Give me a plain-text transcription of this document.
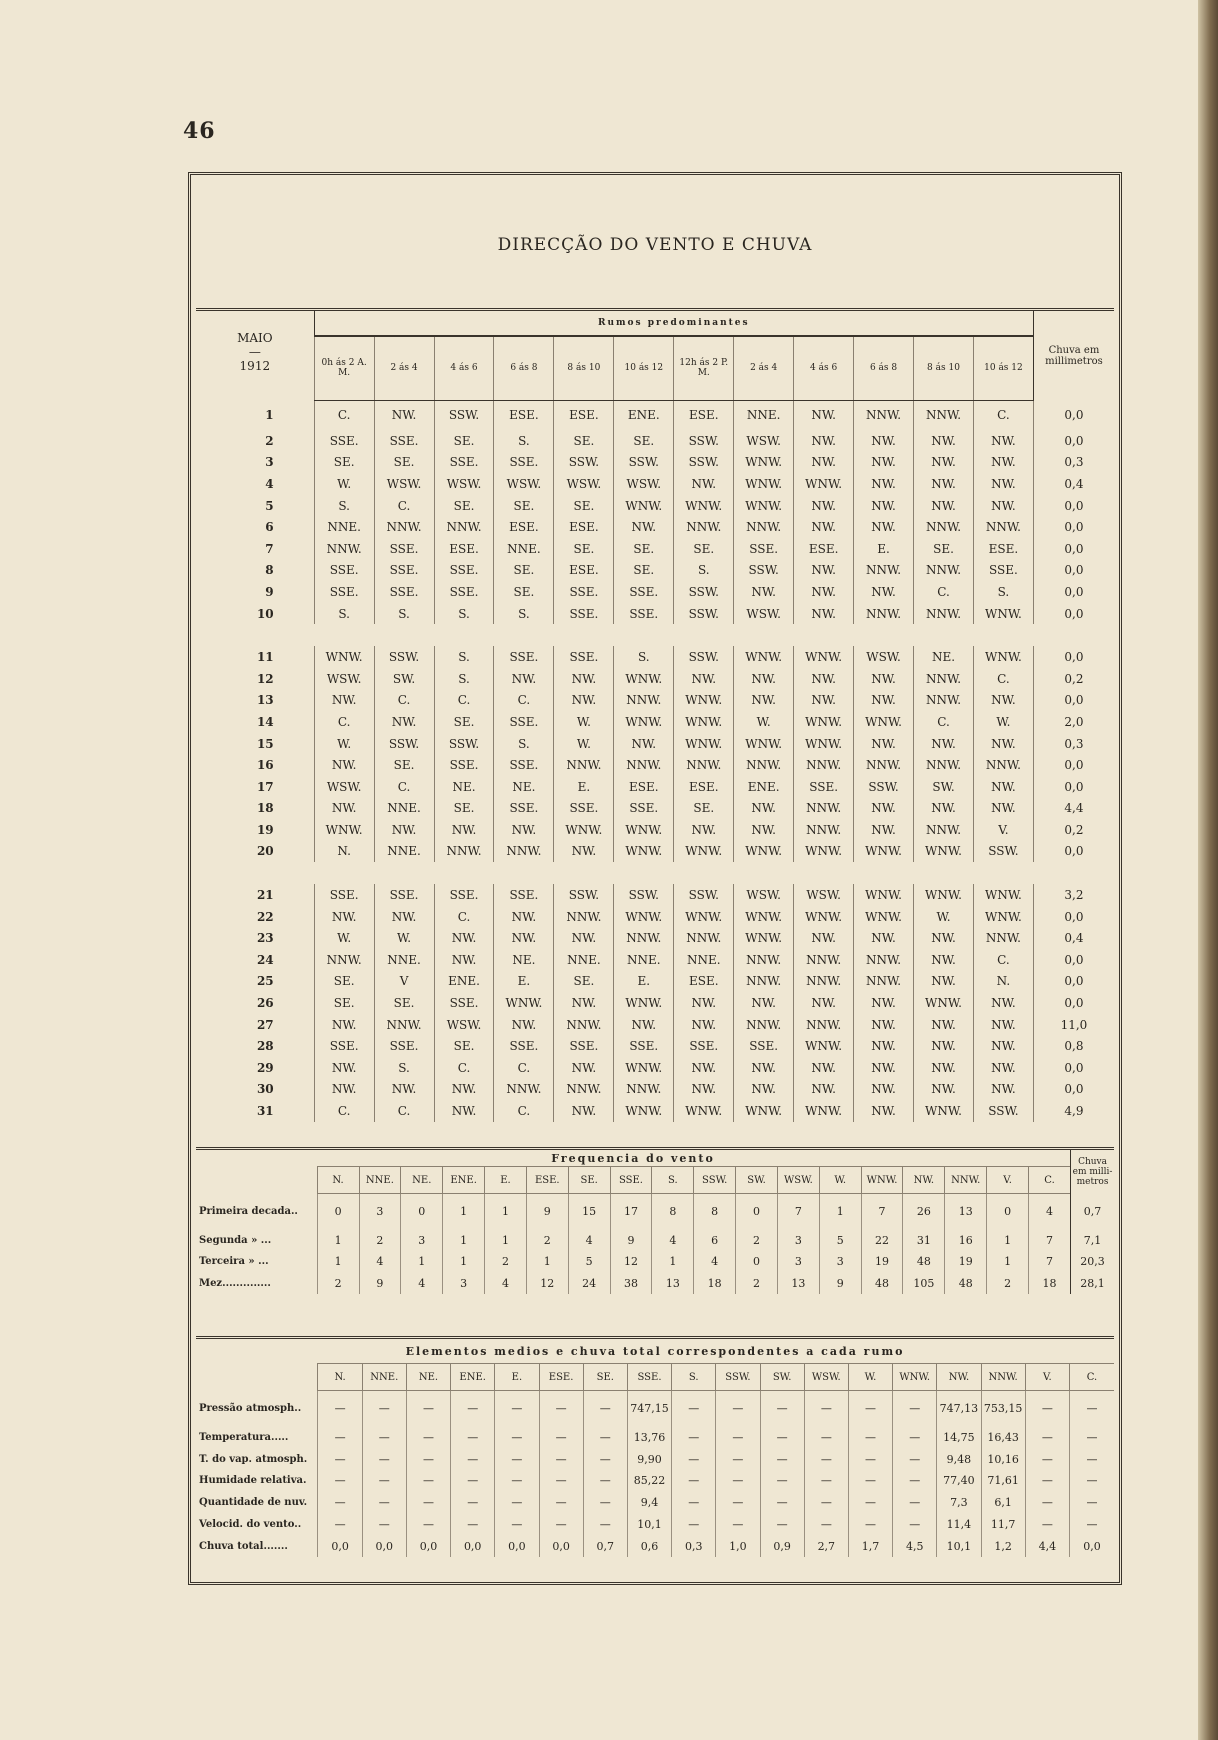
46
DIRECÇÃO DO VENTO E CHUVA
MAIO
—
1912	Rumos predominantes												Chuva em millimetros
	0h ás 2 A. M.	2 ás 4	4 ás 6	6 ás 8	8 ás 10	10 ás 12	12h ás 2 P. M.	2 ás 4	4 ás 6	6 ás 8	8 ás 10	10 ás 12	
1	C.	NW.	SSW.	ESE.	ESE.	ENE.	ESE.	NNE.	NW.	NNW.	NNW.	C.	0,0
2	SSE.	SSE.	SE.	S.	SE.	SE.	SSW.	WSW.	NW.	NW.	NW.	NW.	0,0
3	SE.	SE.	SSE.	SSE.	SSW.	SSW.	SSW.	WNW.	NW.	NW.	NW.	NW.	0,3
4	W.	WSW.	WSW.	WSW.	WSW.	WSW.	NW.	WNW.	WNW.	NW.	NW.	NW.	0,4
5	S.	C.	SE.	SE.	SE.	WNW.	WNW.	WNW.	NW.	NW.	NW.	NW.	0,0
6	NNE.	NNW.	NNW.	ESE.	ESE.	NW.	NNW.	NNW.	NW.	NW.	NNW.	NNW.	0,0
7	NNW.	SSE.	ESE.	NNE.	SE.	SE.	SE.	SSE.	ESE.	E.	SE.	ESE.	0,0
8	SSE.	SSE.	SSE.	SE.	ESE.	SE.	S.	SSW.	NW.	NNW.	NNW.	SSE.	0,0
9	SSE.	SSE.	SSE.	SE.	SSE.	SSE.	SSW.	NW.	NW.	NW.	C.	S.	0,0
10	S.	S.	S.	S.	SSE.	SSE.	SSW.	WSW.	NW.	NNW.	NNW.	WNW.	0,0

11	WNW.	SSW.	S.	SSE.	SSE.	S.	SSW.	WNW.	WNW.	WSW.	NE.	WNW.	0,0
12	WSW.	SW.	S.	NW.	NW.	WNW.	NW.	NW.	NW.	NW.	NNW.	C.	0,2
13	NW.	C.	C.	C.	NW.	NNW.	WNW.	NW.	NW.	NW.	NNW.	NW.	0,0
14	C.	NW.	SE.	SSE.	W.	WNW.	WNW.	W.	WNW.	WNW.	C.	W.	2,0
15	W.	SSW.	SSW.	S.	W.	NW.	WNW.	WNW.	WNW.	NW.	NW.	NW.	0,3
16	NW.	SE.	SSE.	SSE.	NNW.	NNW.	NNW.	NNW.	NNW.	NNW.	NNW.	NNW.	0,0
17	WSW.	C.	NE.	NE.	E.	ESE.	ESE.	ENE.	SSE.	SSW.	SW.	NW.	0,0
18	NW.	NNE.	SE.	SSE.	SSE.	SSE.	SE.	NW.	NNW.	NW.	NW.	NW.	4,4
19	WNW.	NW.	NW.	NW.	WNW.	WNW.	NW.	NW.	NNW.	NW.	NNW.	V.	0,2
20	N.	NNE.	NNW.	NNW.	NW.	WNW.	WNW.	WNW.	WNW.	WNW.	WNW.	SSW.	0,0

21	SSE.	SSE.	SSE.	SSE.	SSW.	SSW.	SSW.	WSW.	WSW.	WNW.	WNW.	WNW.	3,2
22	NW.	NW.	C.	NW.	NNW.	WNW.	WNW.	WNW.	WNW.	WNW.	W.	WNW.	0,0
23	W.	W.	NW.	NW.	NW.	NNW.	NNW.	WNW.	NW.	NW.	NW.	NNW.	0,4
24	NNW.	NNE.	NW.	NE.	NNE.	NNE.	NNE.	NNW.	NNW.	NNW.	NW.	C.	0,0
25	SE.	V	ENE.	E.	SE.	E.	ESE.	NNW.	NNW.	NNW.	NW.	N.	0,0
26	SE.	SE.	SSE.	WNW.	NW.	WNW.	NW.	NW.	NW.	NW.	WNW.	NW.	0,0
27	NW.	NNW.	WSW.	NW.	NNW.	NW.	NW.	NNW.	NNW.	NW.	NW.	NW.	11,0
28	SSE.	SSE.	SE.	SSE.	SSE.	SSE.	SSE.	SSE.	WNW.	NW.	NW.	NW.	0,8
29	NW.	S.	C.	C.	NW.	WNW.	NW.	NW.	NW.	NW.	NW.	NW.	0,0
30	NW.	NW.	NW.	NNW.	NNW.	NNW.	NW.	NW.	NW.	NW.	NW.	NW.	0,0
31	C.	C.	NW.	C.	NW.	WNW.	WNW.	WNW.	WNW.	NW.	WNW.	SSW.	4,9
Frequencia do vento																			Chuva em milli-metros
	N.	NNE.	NE.	ENE.	E.	ESE.	SE.	SSE.	S.	SSW.	SW.	WSW.	W.	WNW.	NW.	NNW.	V.	C.	
Primeira decada..	0	3	0	1	1	9	15	17	8	8	0	7	1	7	26	13	0	4	0,7
Segunda » ...	1	2	3	1	1	2	4	9	4	6	2	3	5	22	31	16	1	7	7,1
Terceira » ...	1	4	1	1	2	1	5	12	1	4	0	3	3	19	48	19	1	7	20,3
Mez..............	2	9	4	3	4	12	24	38	13	18	2	13	9	48	105	48	2	18	28,1
Elementos medios e chuva total correspondentes a cada rumo																		
	N.	NNE.	NE.	ENE.	E.	ESE.	SE.	SSE.	S.	SSW.	SW.	WSW.	W.	WNW.	NW.	NNW.	V.	C.
Pressão atmosph..	—	—	—	—	—	—	—	747,15	—	—	—	—	—	—	747,13	753,15	—	—
Temperatura.....	—	—	—	—	—	—	—	13,76	—	—	—	—	—	—	14,75	16,43	—	—
T. do vap. atmosph.	—	—	—	—	—	—	—	9,90	—	—	—	—	—	—	9,48	10,16	—	—
Humidade relativa.	—	—	—	—	—	—	—	85,22	—	—	—	—	—	—	77,40	71,61	—	—
Quantidade de nuv.	—	—	—	—	—	—	—	9,4	—	—	—	—	—	—	7,3	6,1	—	—
Velocid. do vento..	—	—	—	—	—	—	—	10,1	—	—	—	—	—	—	11,4	11,7	—	—
Chuva total.......	0,0	0,0	0,0	0,0	0,0	0,0	0,7	0,6	0,3	1,0	0,9	2,7	1,7	4,5	10,1	1,2	4,4	0,0
